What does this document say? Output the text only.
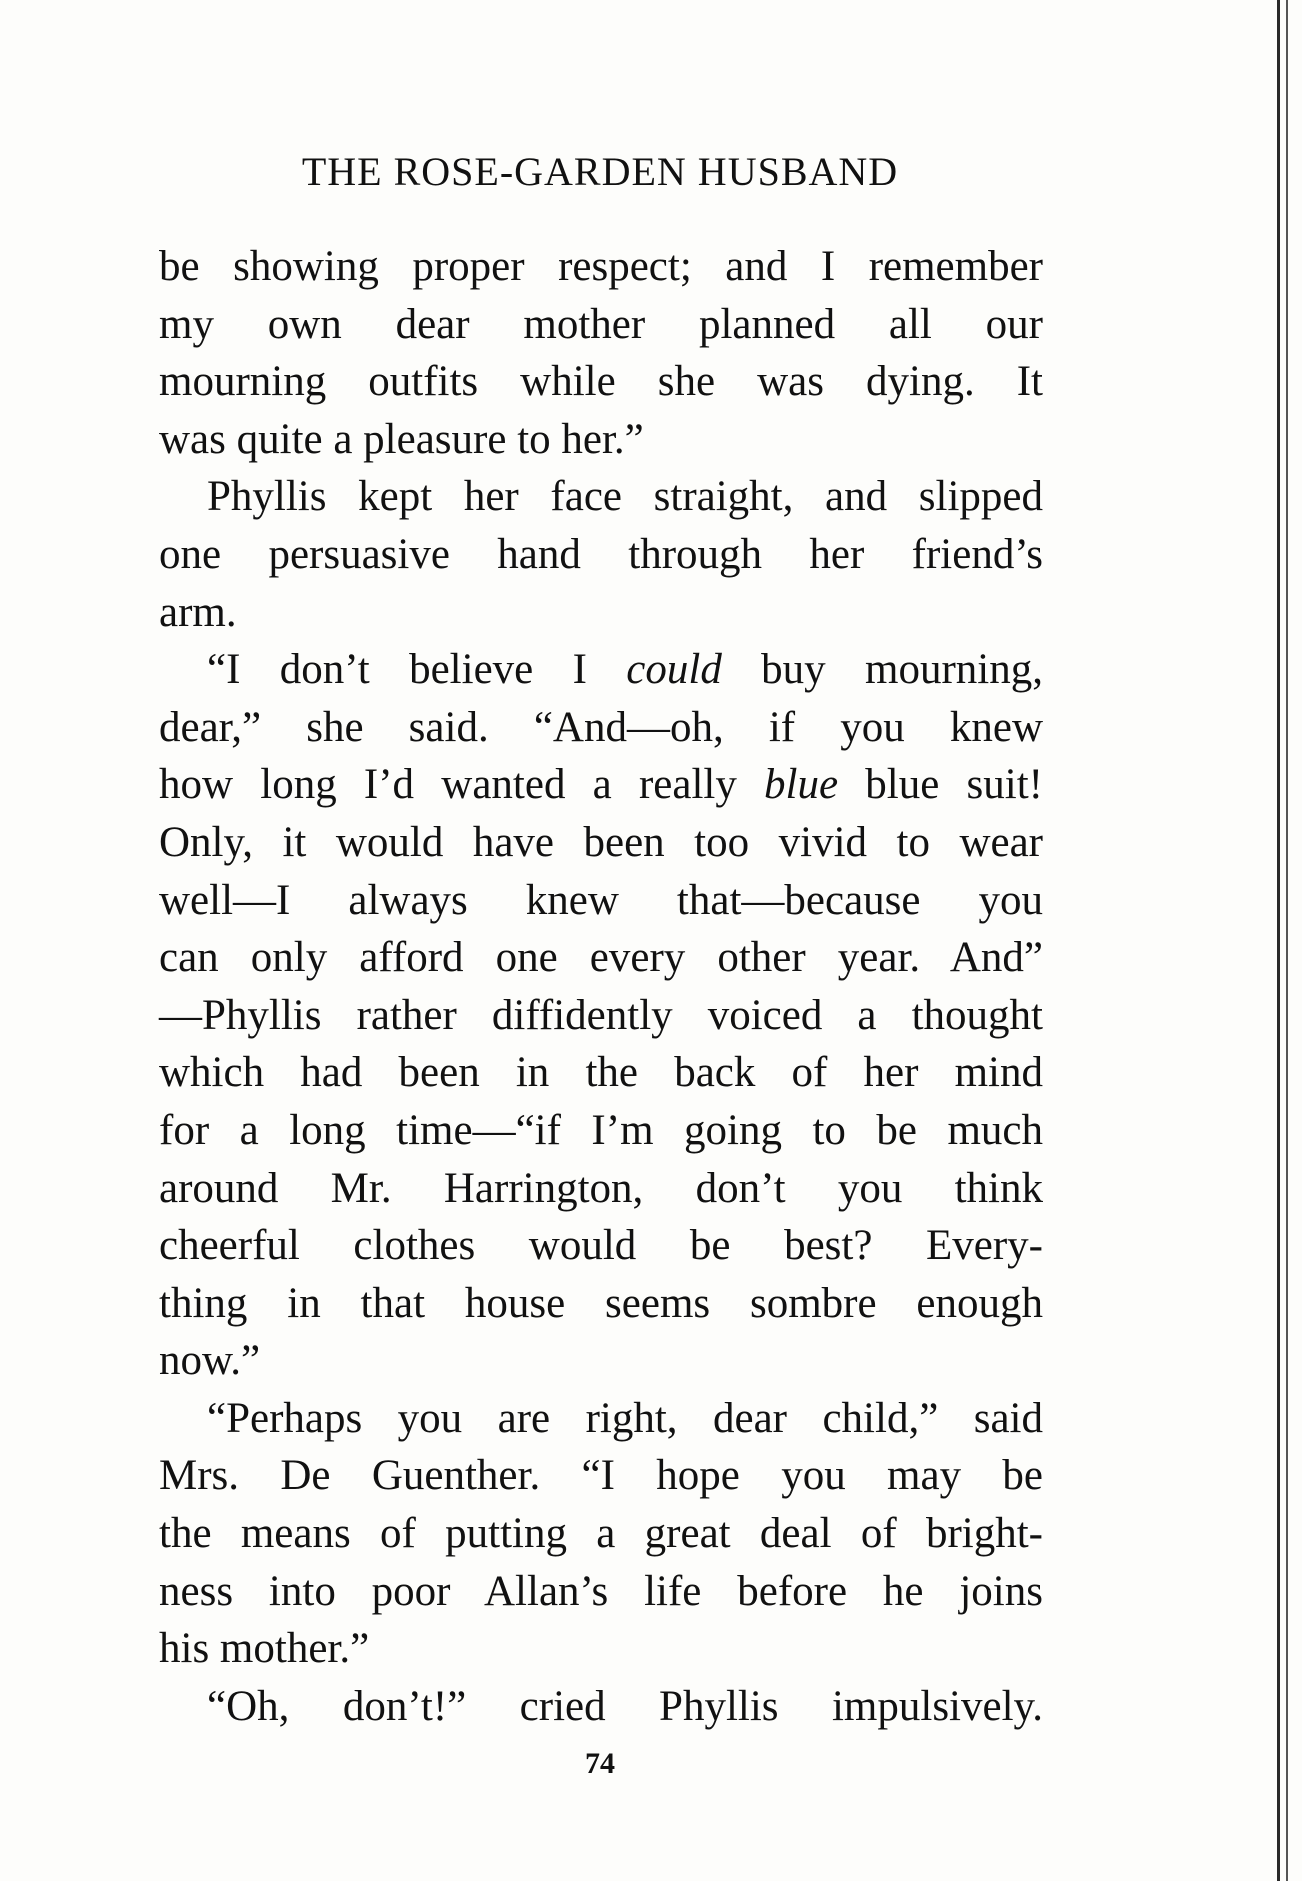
THE ROSE-GARDEN HUSBAND
be showing proper respect; and I remember
my own dear mother planned all our
mourning outfits while she was dying. It
was quite a pleasure to her.”
Phyllis kept her face straight, and slipped
one persuasive hand through her friend’s
arm.
“I don’t believe I could buy mourning,
dear,” she said. “And—oh, if you knew
how long I’d wanted a really blue blue suit!
Only, it would have been too vivid to wear
well—I always knew that—because you
can only afford one every other year. And”
—Phyllis rather diffidently voiced a thought
which had been in the back of her mind
for a long time—“if I’m going to be much
around Mr. Harrington, don’t you think
cheerful clothes would be best? Every-
thing in that house seems sombre enough
now.”
“Perhaps you are right, dear child,” said
Mrs. De Guenther. “I hope you may be
the means of putting a great deal of bright-
ness into poor Allan’s life before he joins
his mother.”
“Oh, don’t!” cried Phyllis impulsively.
74
